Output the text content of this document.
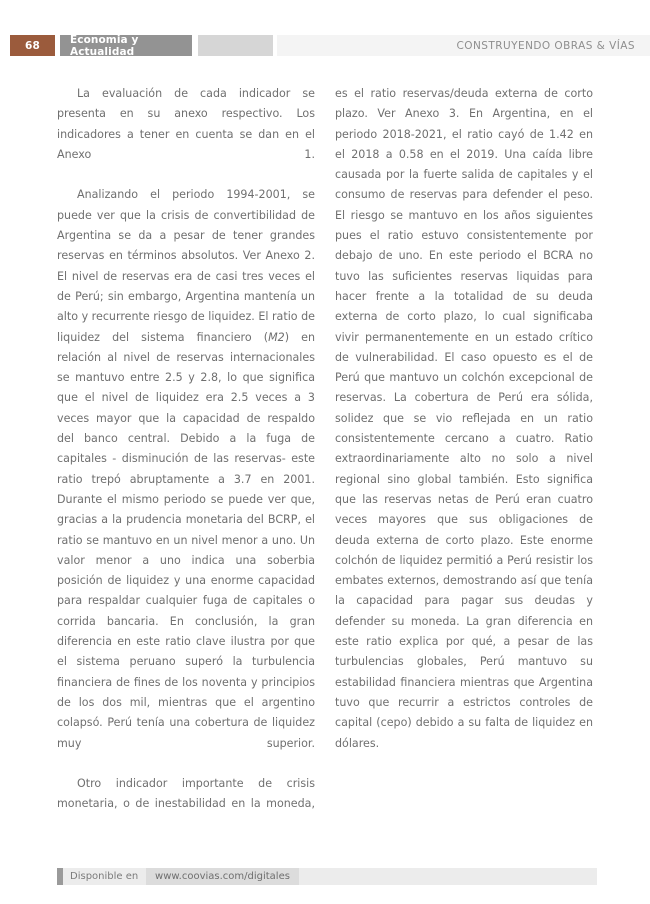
68	Economia y Actualidad	CONSTRUYENDO OBRAS & VÍAS

La evaluación de cada indicador se presenta en su anexo respectivo. Los indicadores a tener en cuenta se dan en el Anexo 1.

Analizando el periodo 1994-2001, se puede ver que la crisis de convertibilidad de Argentina se da a pesar de tener grandes reservas en términos absolutos. Ver Anexo 2. El nivel de reservas era de casi tres veces el de Perú; sin embargo, Argentina mantenía un alto y recurrente riesgo de liquidez. El ratio de liquidez del sistema financiero (M2) en relación al nivel de reservas internacionales se mantuvo entre 2.5 y 2.8, lo que significa que el nivel de liquidez era 2.5 veces a 3 veces mayor que la capacidad de respaldo del banco central. Debido a la fuga de capitales - disminución de las reservas- este ratio trepó abruptamente a 3.7 en 2001. Durante el mismo periodo se puede ver que, gracias a la prudencia monetaria del BCRP, el ratio se mantuvo en un nivel menor a uno. Un valor menor a uno indica una soberbia posición de liquidez y una enorme capacidad para respaldar cualquier fuga de capitales o corrida bancaria. En conclusión, la gran diferencia en este ratio clave ilustra por que el sistema peruano superó la turbulencia financiera de fines de los noventa y principios de los dos mil, mientras que el argentino colapsó. Perú tenía una cobertura de liquidez muy superior.

Otro indicador importante de crisis monetaria, o de inestabilidad en la moneda,

es el ratio reservas/deuda externa de corto plazo. Ver Anexo 3. En Argentina, en el periodo 2018-2021, el ratio cayó de 1.42 en el 2018 a 0.58 en el 2019. Una caída libre causada por la fuerte salida de capitales y el consumo de reservas para defender el peso. El riesgo se mantuvo en los años siguientes pues el ratio estuvo consistentemente por debajo de uno. En este periodo el BCRA no tuvo las suficientes reservas liquidas para hacer frente a la totalidad de su deuda externa de corto plazo, lo cual significaba vivir permanentemente en un estado crítico de vulnerabilidad. El caso opuesto es el de Perú que mantuvo un colchón excepcional de reservas. La cobertura de Perú era sólida, solidez que se vio reflejada en un ratio consistentemente cercano a cuatro. Ratio extraordinariamente alto no solo a nivel regional sino global también. Esto significa que las reservas netas de Perú eran cuatro veces mayores que sus obligaciones de deuda externa de corto plazo. Este enorme colchón de liquidez permitió a Perú resistir los embates externos, demostrando así que tenía la capacidad para pagar sus deudas y defender su moneda. La gran diferencia en este ratio explica por qué, a pesar de las turbulencias globales, Perú mantuvo su estabilidad financiera mientras que Argentina tuvo que recurrir a estrictos controles de capital (cepo) debido a su falta de liquidez en dólares.

Disponible en	www.coovias.com/digitales
